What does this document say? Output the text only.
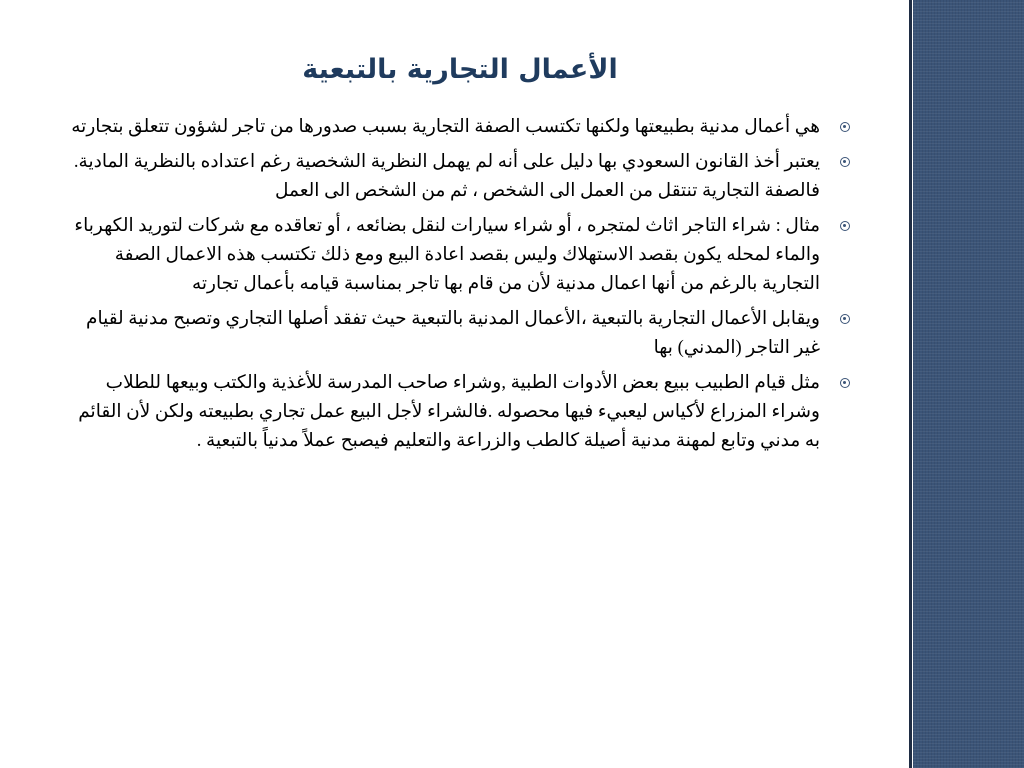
الأعمال التجارية بالتبعية
هي أعمال مدنية بطبيعتها ولكنها تكتسب الصفة التجارية بسبب صدورها من تاجر لشؤون تتعلق بتجارته
يعتبر أخذ القانون السعودي بها دليل على أنه لم يهمل النظرية الشخصية رغم اعتداده بالنظرية المادية. فالصفة التجارية تنتقل من العمل الى الشخص ، ثم من الشخص الى العمل
مثال : شراء التاجر اثاث لمتجره ، أو شراء سيارات لنقل بضائعه ، أو تعاقده مع شركات لتوريد الكهرباء والماء لمحله يكون بقصد الاستهلاك وليس بقصد اعادة البيع ومع ذلك تكتسب هذه الاعمال الصفة التجارية بالرغم من أنها اعمال مدنية لأن من قام بها تاجر بمناسبة قيامه بأعمال تجارته
ويقابل الأعمال التجارية بالتبعية ،الأعمال المدنية بالتبعية حيث تفقد أصلها التجاري وتصبح مدنية لقيام غير التاجر (المدني) بها
مثل قيام الطبيب ببيع بعض الأدوات الطبية ,وشراء صاحب المدرسة للأغذية والكتب وبيعها للطلاب وشراء المزراع لأكياس ليعبيء فيها محصوله .فالشراء لأجل البيع عمل تجاري بطبيعته ولكن لأن القائم به مدني وتابع لمهنة مدنية أصيلة كالطب والزراعة والتعليم فيصبح عملاً مدنياً بالتبعية .
